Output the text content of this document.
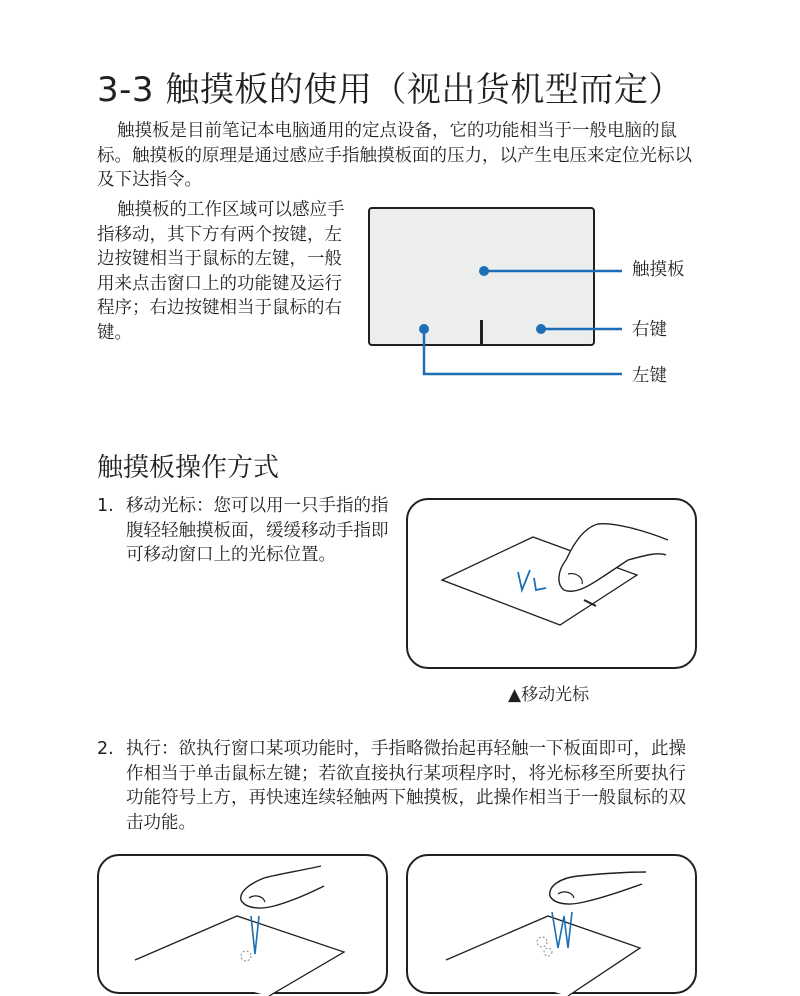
3-3 触摸板的使用（视出货机型而定）
触摸板是目前笔记本电脑通用的定点设备，它的功能相当于一般电脑的鼠标。触摸板的原理是通过感应手指触摸板面的压力，以产生电压来定位光标以及下达指令。
触摸板的工作区域可以感应手指移动，其下方有两个按键，左边按键相当于鼠标的左键，一般用来点击窗口上的功能键及运行程序；右边按键相当于鼠标的右键。
触摸板
右键
左键
触摸板操作方式
1. 移动光标：您可以用一只手指的指腹轻轻触摸板面，缓缓移动手指即可移动窗口上的光标位置。
▲移动光标
2. 执行：欲执行窗口某项功能时，手指略微抬起再轻触一下板面即可，此操作相当于单击鼠标左键；若欲直接执行某项程序时，将光标移至所要执行功能符号上方，再快速连续轻触两下触摸板，此操作相当于一般鼠标的双击功能。
